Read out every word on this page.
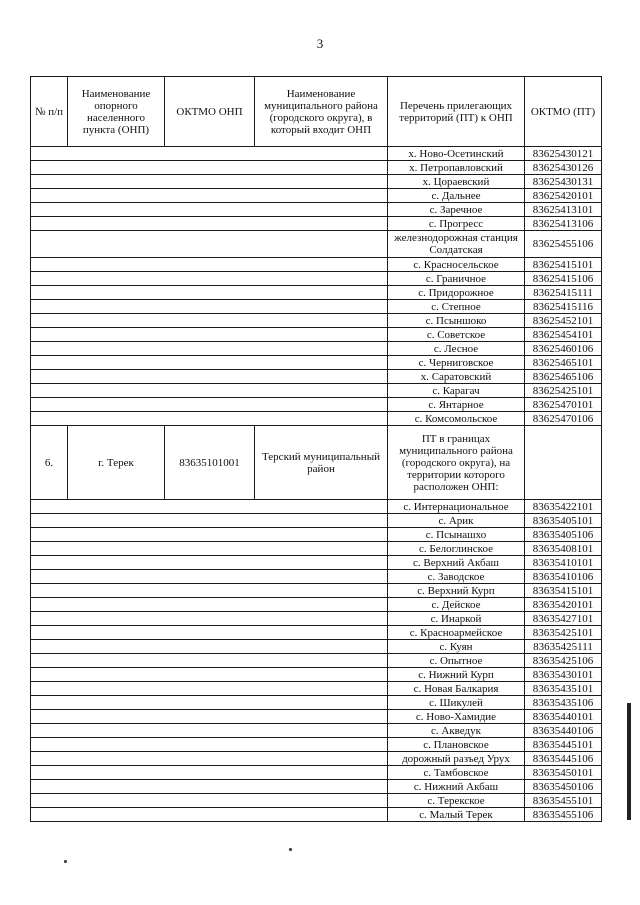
3
№ п/п	Наименование опорного населенного пункта (ОНП)	ОКТМО ОНП	Наименование муниципального района (городского округа), в который входит ОНП	Перечень прилегающих территорий (ПТ) к ОНП	ОКТМО (ПТ)
				х. Ново-Осетинский	83625430121
				х. Петропавловский	83625430126
				х. Цораевский	83625430131
				с. Дальнее	83625420101
				с. Заречное	83625413101
				с. Прогресс	83625413106
				железнодорожная станция Солдатская	83625455106
				с. Красносельское	83625415101
				с. Граничное	83625415106
				с. Придорожное	83625415111
				с. Степное	83625415116
				с. Псыншоко	83625452101
				с. Советское	83625454101
				с. Лесное	83625460106
				с. Черниговское	83625465101
				х. Саратовский	83625465106
				с. Карагач	83625425101
				с. Янтарное	83625470101
				с. Комсомольское	83625470106
6.	г. Терек	83635101001	Терский муниципальный район	ПТ в границах муниципального района (городского округа), на территории которого расположен ОНП:	
				с. Интернациональное	83635422101
				с. Арик	83635405101
				с. Псынашхо	83635405106
				с. Белоглинское	83635408101
				с. Верхний Акбаш	83635410101
				с. Заводское	83635410106
				с. Верхний Курп	83635415101
				с. Дейское	83635420101
				с. Инаркой	83635427101
				с. Красноармейское	83635425101
				с. Куян	83635425111
				с. Опытное	83635425106
				с. Нижний Курп	83635430101
				с. Новая Балкария	83635435101
				с. Шикулей	83635435106
				с. Ново-Хамидие	83635440101
				с. Акведук	83635440106
				с. Плановское	83635445101
				дорожный разъед Урух	83635445106
				с. Тамбовское	83635450101
				с. Нижний Акбаш	83635450106
				с. Терекское	83635455101
				с. Малый Терек	83635455106
